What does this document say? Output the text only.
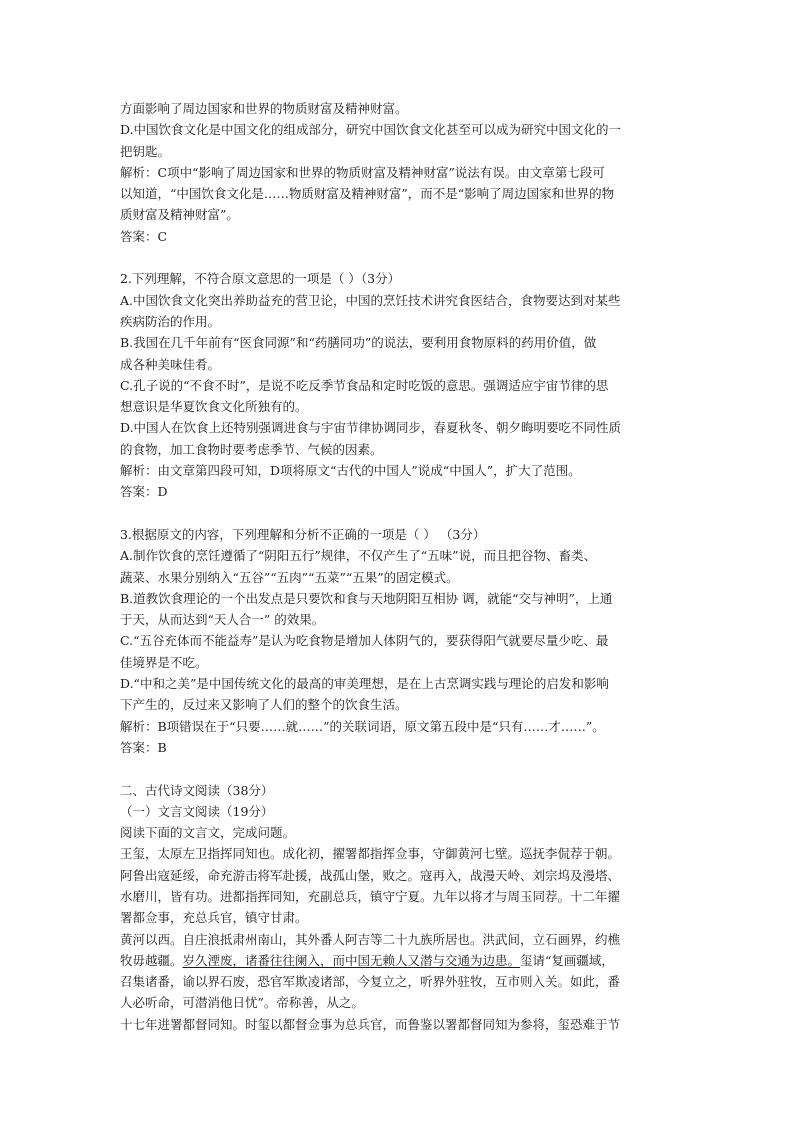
方面影响了周边国家和世界的物质财富及精神财富。
D.中国饮食文化是中国文化的组成部分，研究中国饮食文化甚至可以成为研究中国文化的一
把钥匙。
解析：C项中“影响了周边国家和世界的物质财富及精神财富”说法有误。由文章第七段可
以知道，“中国饮食文化是……物质财富及精神财富”，而不是“影响了周边国家和世界的物
质财富及精神财富”。
答案：C
2.下列理解，不符合原文意思的一项是（ ）（3分）
A.中国饮食文化突出养助益充的营卫论，中国的烹饪技术讲究食医结合，食物要达到对某些
疾病防治的作用。
B.我国在几千年前有“医食同源”和“药膳同功”的说法，要利用食物原料的药用价值，做
成各种美味佳肴。
C.孔子说的“不食不时”，是说不吃反季节食品和定时吃饭的意思。强调适应宇宙节律的思
想意识是华夏饮食文化所独有的。
D.中国人在饮食上还特别强调进食与宇宙节律协调同步，春夏秋冬、朝夕晦明要吃不同性质
的食物，加工食物时要考虑季节、气候的因素。
解析：由文章第四段可知，D项将原文“古代的中国人”说成“中国人”，扩大了范围。
答案：D
3.根据原文的内容，下列理解和分析不正确的一项是（ ） （3分）
A.制作饮食的烹饪遵循了“阴阳五行”规律，不仅产生了“五味”说，而且把谷物、畜类、
蔬菜、水果分别纳入“五谷”“五肉”“五菜”“五果”的固定模式。
B.道教饮食理论的一个出发点是只要饮和食与天地阴阳互相协 调，就能“交与神明”，上通
于天，从而达到“天人合一” 的效果。
C.“五谷充体而不能益寿”是认为吃食物是增加人体阴气的，要获得阳气就要尽量少吃、最
佳境界是不吃。
D.“中和之美”是中国传统文化的最高的审美理想，是在上古烹调实践与理论的启发和影响
下产生的，反过来又影响了人们的整个的饮食生活。
解析：B项错误在于“只要……就……”的关联词语，原文第五段中是“只有……才……”。
答案：B
二、古代诗文阅读（38分）
（一）文言文阅读（19分）
阅读下面的文言文，完成问题。
王玺，太原左卫指挥同知也。成化初，擢署都指挥佥事，守御黄河七壁。巡抚李侃荐于朝。
阿鲁出寇延绥，命充游击将军赴援，战孤山堡，败之。寇再入，战漫天岭、刘宗坞及漫塔、
水磨川，皆有功。进都指挥同知，充副总兵，镇守宁夏。九年以将才与周玉同荐。十二年擢
署都佥事，充总兵官，镇守甘肃。
黄河以西。自庄浪抵肃州南山，其外番人阿吉等二十九族所居也。洪武间，立石画界，约樵
牧毋越疆。岁久湮废，诸番往往阑入，而中国无赖人又潜与交通为边患。玺请“复画疆域，
召集诸番，谕以界石废，恐官军欺凌诸部，今复立之，听界外驻牧，互市则入关。如此，番
人必听命，可潜消他日忧”。帝称善，从之。
十七年进署都督同知。时玺以都督佥事为总兵官，而鲁鉴以署都督同知为参将，玺恐难于节
